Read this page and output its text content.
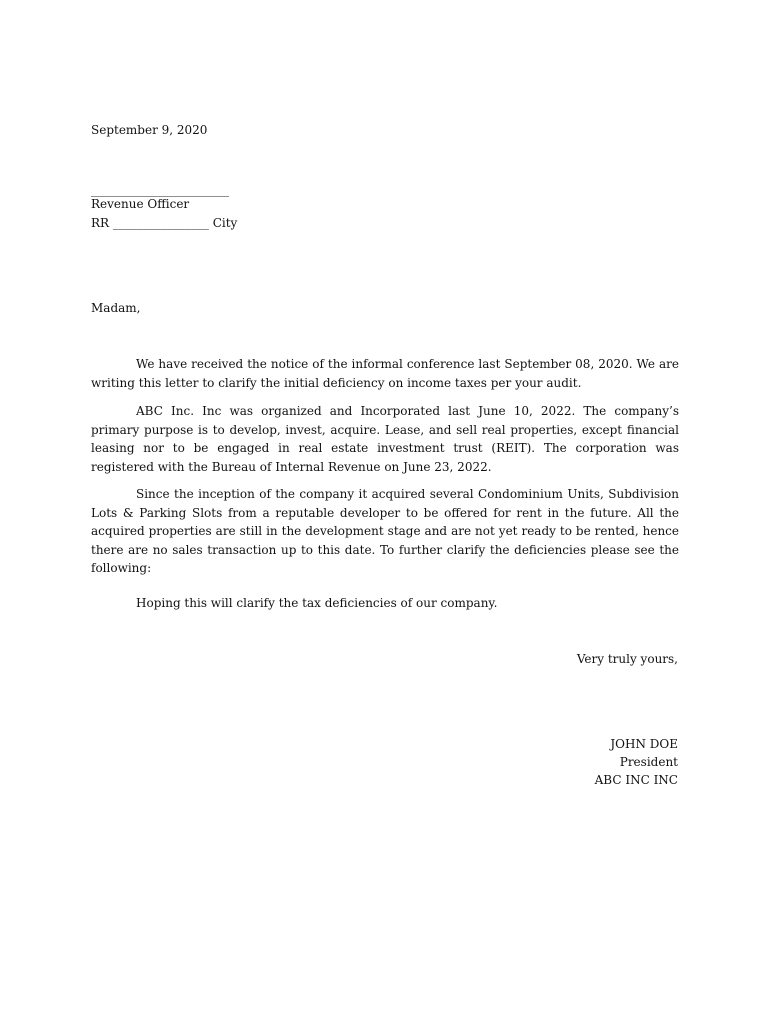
September 9, 2020
_______________________
Revenue Officer
RR ________________ City
Madam,

We have received the notice of the informal conference last September 08, 2020. We are writing this letter to clarify the initial deficiency on income taxes per your audit.

ABC Inc. Inc was organized and Incorporated last June 10, 2022. The company’s primary purpose is to develop, invest, acquire. Lease, and sell real properties, except financial leasing nor to be engaged in real estate investment trust (REIT). The corporation was registered with the Bureau of Internal Revenue on June 23, 2022.

Since the inception of the company it acquired several Condominium Units, Subdivision Lots & Parking Slots from a reputable developer to be offered for rent in the future. All the acquired properties are still in the development stage and are not yet ready to be rented, hence there are no sales transaction up to this date. To further clarify the deficiencies please see the following:

Hoping this will clarify the tax deficiencies of our company.

Very truly yours,
JOHN DOE
President
ABC INC INC
